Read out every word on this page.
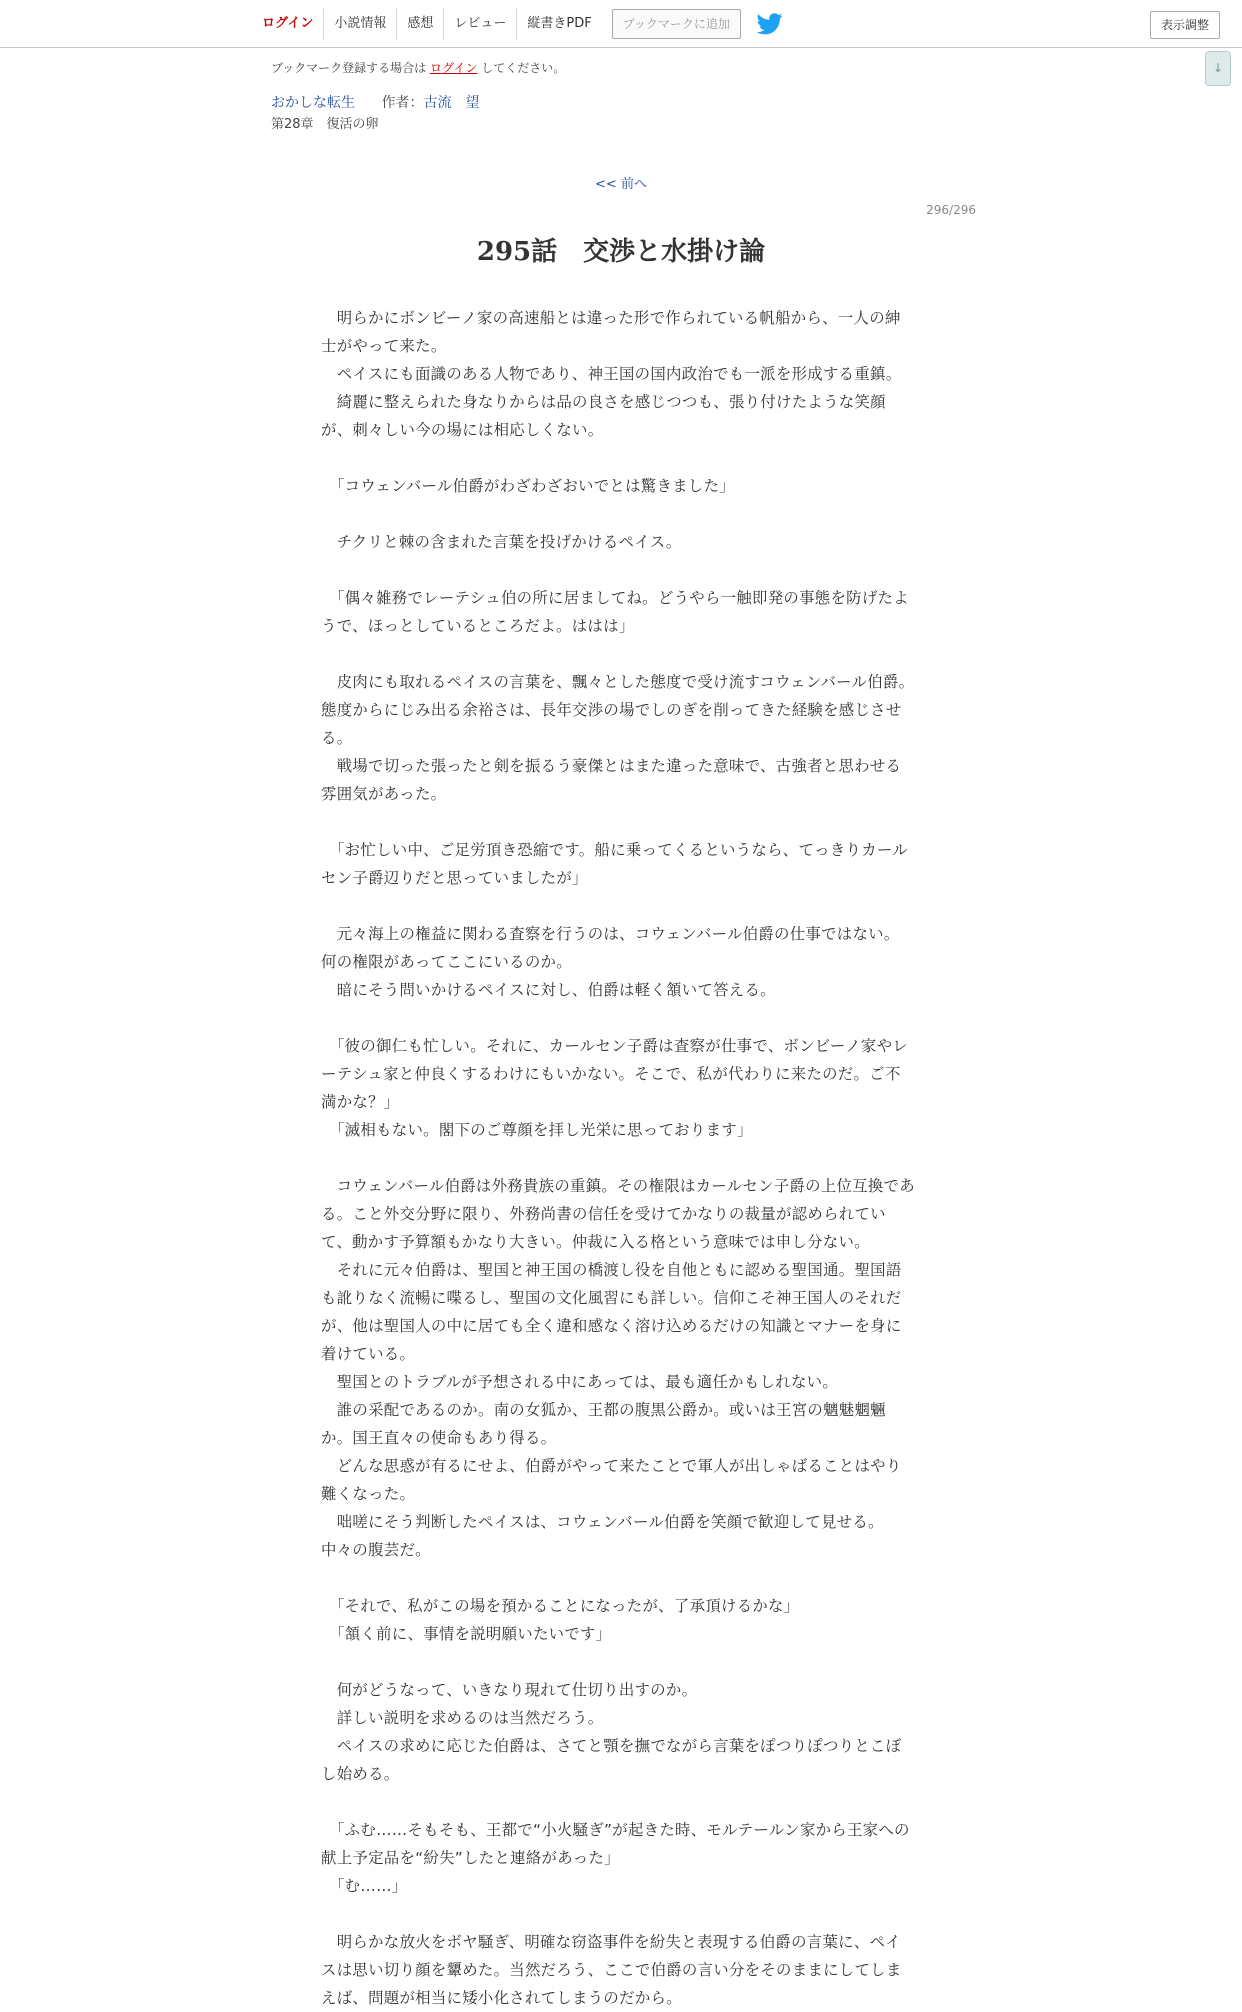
ログイン	小説情報	感想	レビュー	縦書きPDF	ブックマークに追加	表示調整
↓
ブックマーク登録する場合は ログイン してください。
おかしな転生 作者：古流　望
第28章　復活の卵
<< 前へ
296/296
295話　交渉と水掛け論

　明らかにボンビーノ家の高速船とは違った形で作られている帆船から、一人の紳士がやって来た。

　ペイスにも面識のある人物であり、神王国の国内政治でも一派を形成する重鎮。

　綺麗に整えられた身なりからは品の良さを感じつつも、張り付けたような笑顔が、刺々しい今の場には相応しくない。

　「コウェンバール伯爵がわざわざおいでとは驚きました」

　チクリと棘の含まれた言葉を投げかけるペイス。

　「偶々雑務でレーテシュ伯の所に居ましてね。どうやら一触即発の事態を防げたようで、ほっとしているところだよ。ははは」

　皮肉にも取れるペイスの言葉を、飄々とした態度で受け流すコウェンバール伯爵。態度からにじみ出る余裕さは、長年交渉の場でしのぎを削ってきた経験を感じさせる。

　戦場で切った張ったと剣を振るう豪傑とはまた違った意味で、古強者と思わせる雰囲気があった。

　「お忙しい中、ご足労頂き恐縮です。船に乗ってくるというなら、てっきりカールセン子爵辺りだと思っていましたが」

　元々海上の権益に関わる査察を行うのは、コウェンバール伯爵の仕事ではない。何の権限があってここにいるのか。

　暗にそう問いかけるペイスに対し、伯爵は軽く頷いて答える。

　「彼の御仁も忙しい。それに、カールセン子爵は査察が仕事で、ボンビーノ家やレーテシュ家と仲良くするわけにもいかない。そこで、私が代わりに来たのだ。ご不満かな？」

　「滅相もない。閣下のご尊顔を拝し光栄に思っております」

　コウェンバール伯爵は外務貴族の重鎮。その権限はカールセン子爵の上位互換である。こと外交分野に限り、外務尚書の信任を受けてかなりの裁量が認められていて、動かす予算額もかなり大きい。仲裁に入る格という意味では申し分ない。

　それに元々伯爵は、聖国と神王国の橋渡し役を自他ともに認める聖国通。聖国語も訛りなく流暢に喋るし、聖国の文化風習にも詳しい。信仰こそ神王国人のそれだが、他は聖国人の中に居ても全く違和感なく溶け込めるだけの知識とマナーを身に着けている。

　聖国とのトラブルが予想される中にあっては、最も適任かもしれない。

　誰の采配であるのか。南の女狐か、王都の腹黒公爵か。或いは王宮の魑魅魍魎か。国王直々の使命もあり得る。

　どんな思惑が有るにせよ、伯爵がやって来たことで軍人が出しゃばることはやり難くなった。

　咄嗟にそう判断したペイスは、コウェンバール伯爵を笑顔で歓迎して見せる。中々の腹芸だ。

　「それで、私がこの場を預かることになったが、了承頂けるかな」

　「頷く前に、事情を説明願いたいです」

　何がどうなって、いきなり現れて仕切り出すのか。

　詳しい説明を求めるのは当然だろう。

　ペイスの求めに応じた伯爵は、さてと顎を撫でながら言葉をぽつりぽつりとこぼし始める。

　「ふむ……そもそも、王都で“小火騒ぎ”が起きた時、モルテールン家から王家への献上予定品を“紛失”したと連絡があった」

　「む……」

　明らかな放火をボヤ騒ぎ、明確な窃盗事件を紛失と表現する伯爵の言葉に、ペイスは思い切り顔を顰めた。当然だろう、ここで伯爵の言い分をそのままにしてしまえば、問題が相当に矮小化されてしまうのだから。
